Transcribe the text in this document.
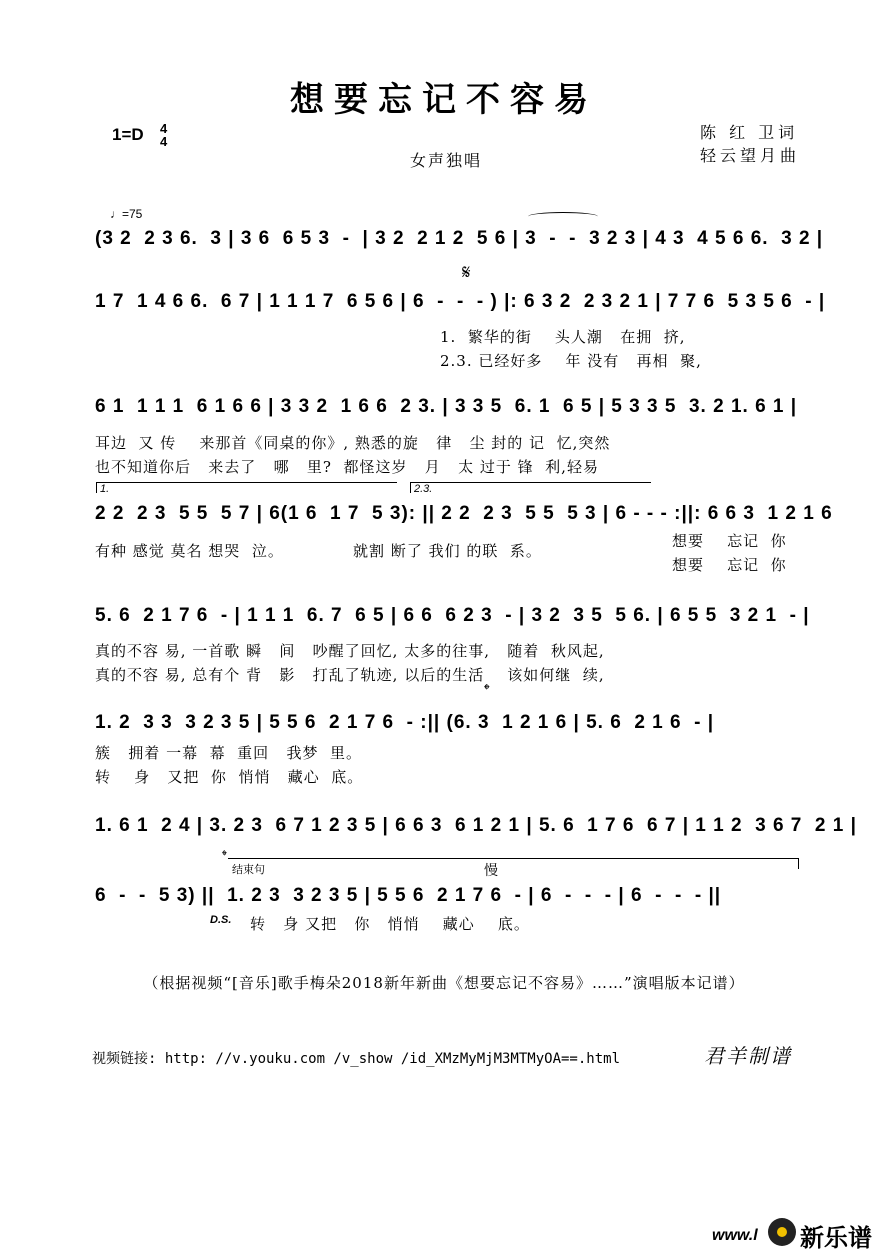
想要忘记不容易
1=D 4
4	陈 红 卫词
轻云望月曲
女声独唱
♩=75
(3 2  2 3 6.  3 | 3 6  6 5 3  -  | 3 2  2 1 2  5 6 | 3  -  -  3 2 3 | 4 3  4 5 6 6.  3 2 |
𝄋
1 7  1 4 6 6.  6 7 | 1 1 1 7  6 5 6 | 6  -  -  - ) |: 6 3 2  2 3 2 1 | 7 7 6  5 3 5 6  - |
1.  繁华的街    头人潮   在拥  挤,
2.3. 已经好多    年 没有   再相  聚,
6 1  1 1 1  6 1 6 6 | 3 3 2  1 6 6  2 3. | 3 3 5  6. 1  6 5 | 5 3 3 5  3. 2 1. 6 1 |
耳边  又 传    来那首《同桌的你》, 熟悉的旋   律   尘 封的 记  忆,突然
也不知道你后   来去了   哪   里?  都怪这岁   月   太 过于 锋  利,轻易
1.	2.3.
2 2  2 3  5 5  5 7 | 6(1 6  1 7  5 3): || 2 2  2 3  5 5  5 3 | 6 - - - :||: 6 6 3  1 2 1 6
有种 感觉 莫名 想哭  泣。            就割 断了 我们 的联  系。
想要    忘记  你
想要    忘记  你
5. 6  2 1 7 6  - | 1 1 1  6. 7  6 5 | 6 6  6 2 3  - | 3 2  3 5  5 6. | 6 5 5  3 2 1  - |
真的不容 易, 一首歌 瞬   间   吵醒了回忆, 太多的往事,   随着  秋风起,
真的不容 易, 总有个 背   影   打乱了轨迹, 以后的生活    该如何继  续,
𝄌
1. 2  3 3  3 2 3 5 | 5 5 6  2 1 7 6  - :|| (6. 3  1 2 1 6 | 5. 6  2 1 6  - |
簇   拥着 一幕  幕  重回   我梦  里。
转    身   又把  你  悄悄   藏心  底。
1. 6 1  2 4 | 3. 2 3  6 7 1 2 3 5 | 6 6 3  6 1 2 1 | 5. 6  1 7 6  6 7 | 1 1 2  3 6 7  2 1 |
𝄌
结束句	慢
6  -  -  5 3) ||  1. 2 3  3 2 3 5 | 5 5 6  2 1 7 6  - | 6  -  -  - | 6  -  -  - ||
D.S. 转   身 又把   你   悄悄    藏心    底。
（根据视频“[音乐]歌手梅朵2018新年新曲《想要忘记不容易》……”演唱版本记谱）
视频链接: http: //v.youku.com /v_show /id_XMzMyMjM3MTMyOA==.html	君羊制谱
www.l 新乐谱
